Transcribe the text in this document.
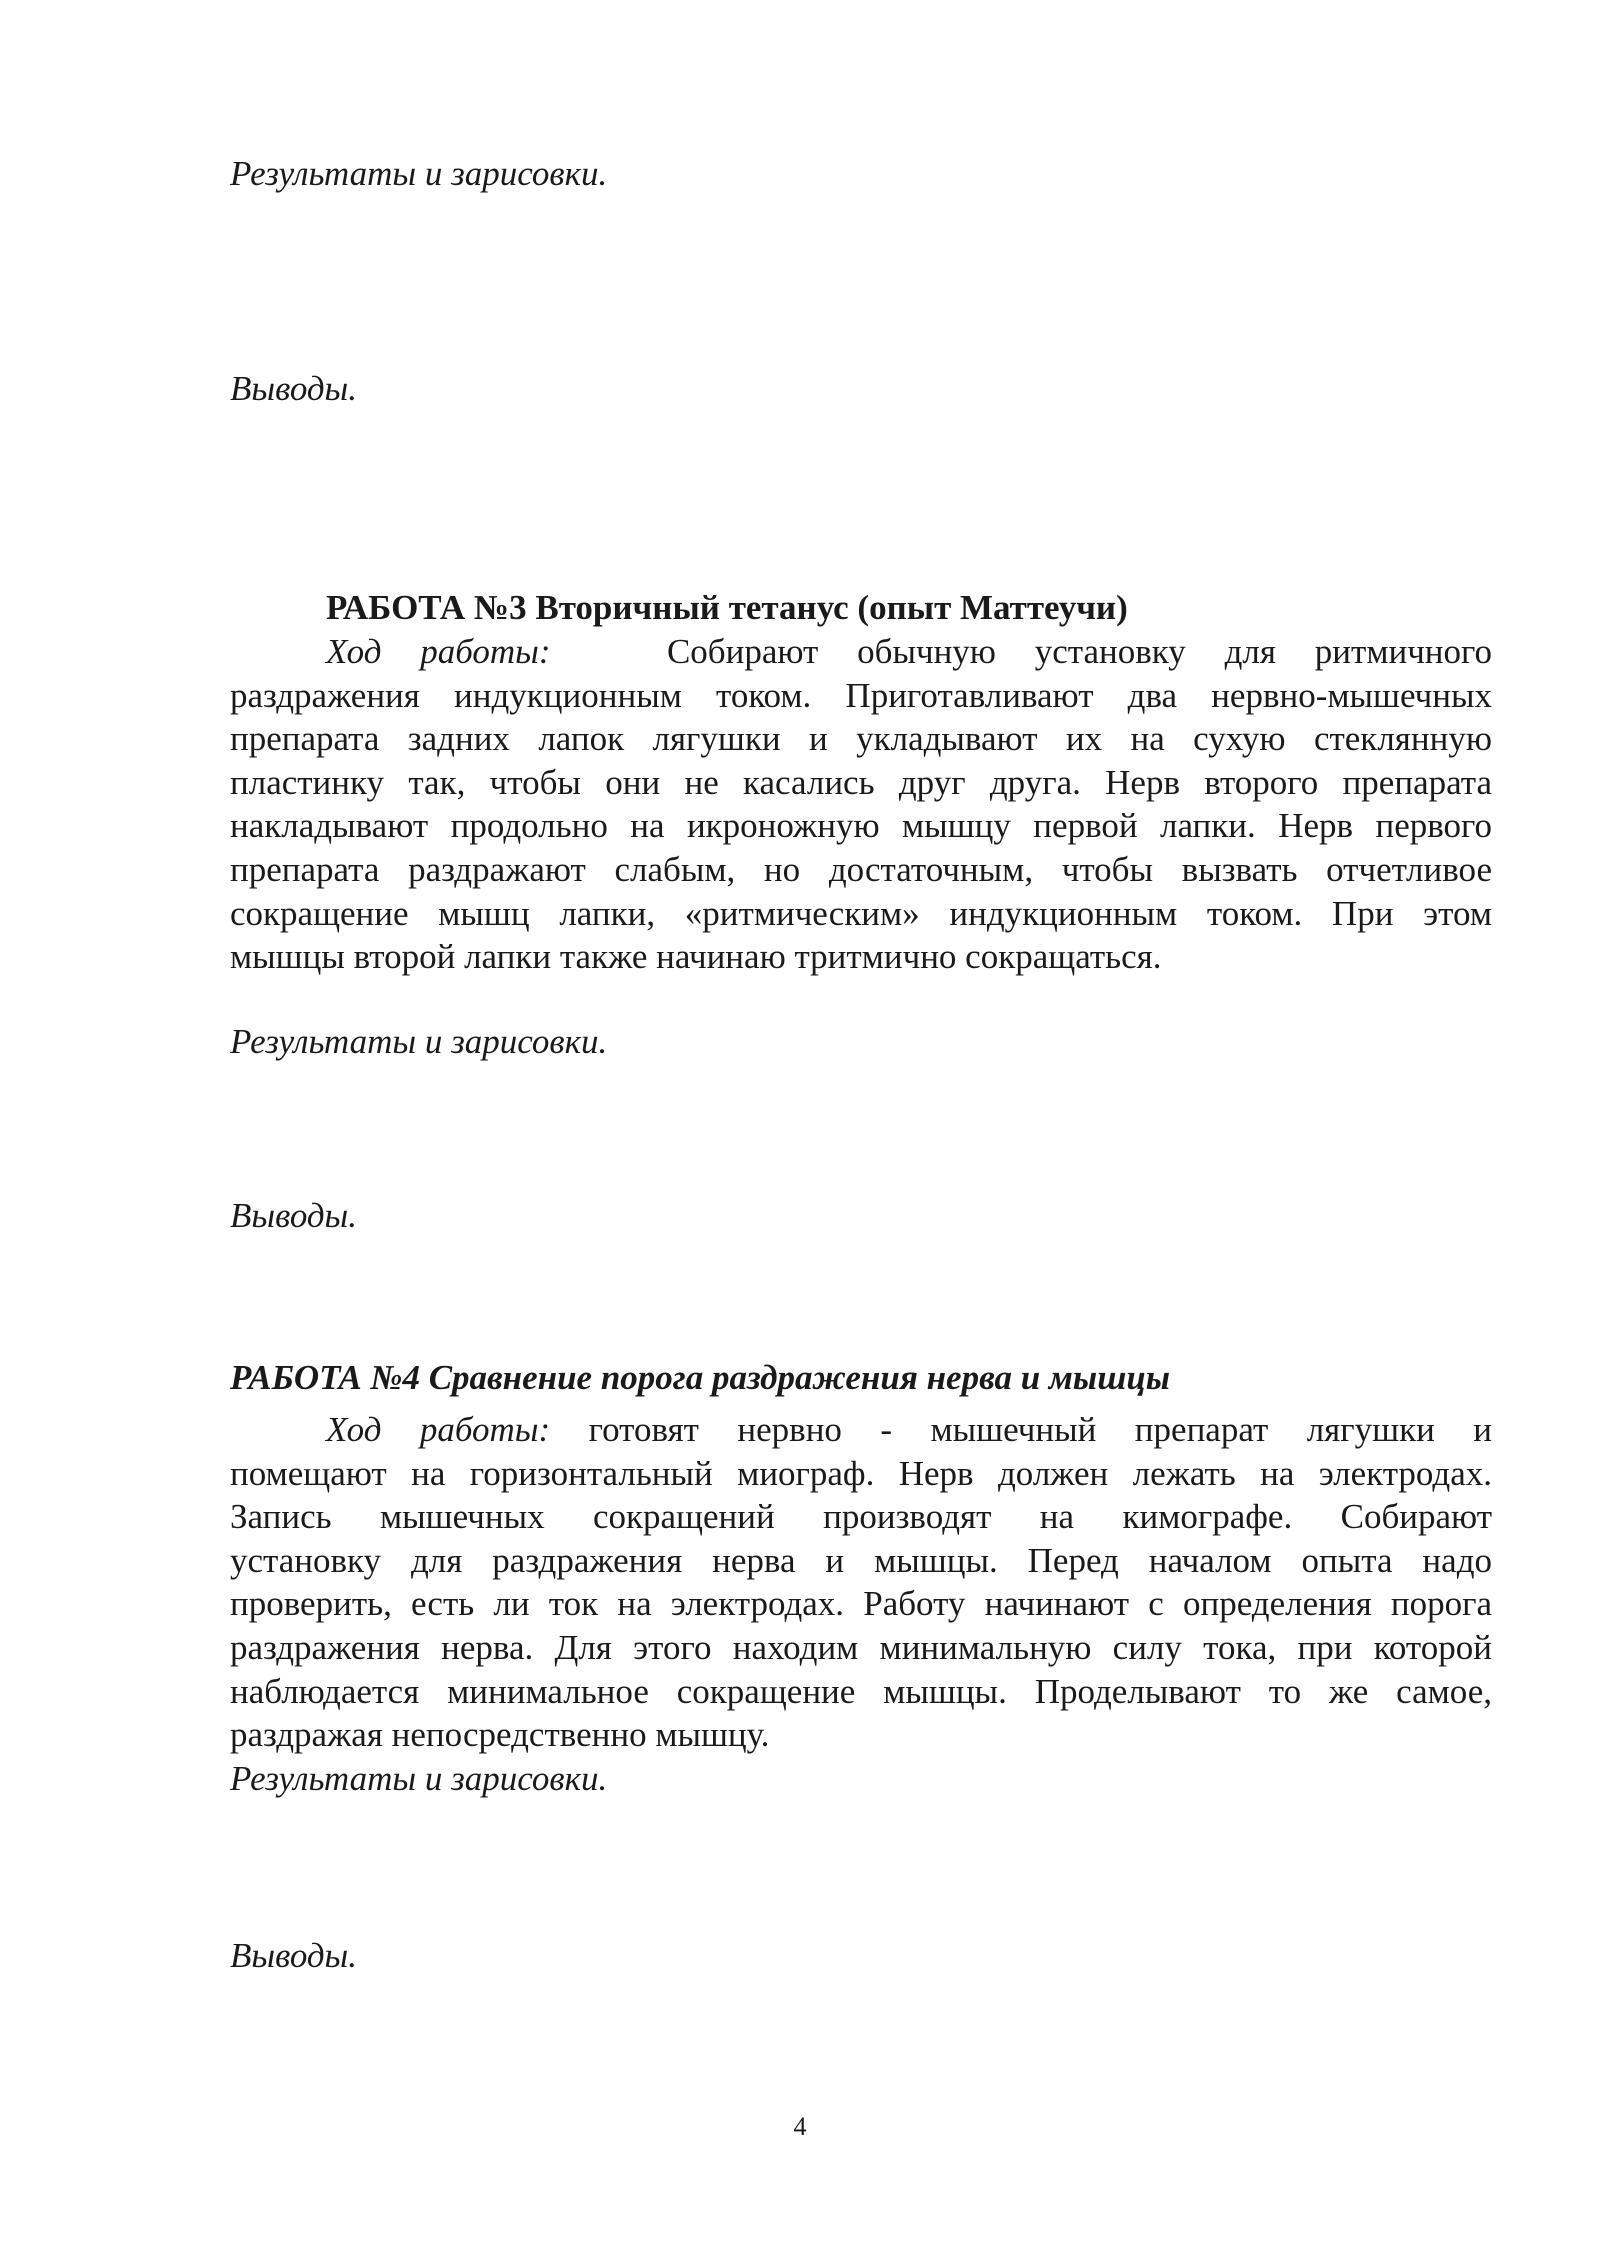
Результаты и зарисовки.
Выводы.
РАБОТА №3 Вторичный тетанус (опыт Маттеучи)
Ход работы:	Собирают обычную установку для ритмичного
раздражения индукционным током. Приготавливают два нервно-мышечных
препарата задних лапок лягушки и укладывают их на сухую стеклянную
пластинку так, чтобы они не касались друг друга. Нерв второго препарата
накладывают продольно на икроножную мышцу первой лапки. Нерв первого
препарата раздражают слабым, но достаточным, чтобы вызвать отчетливое
сокращение мышц лапки, «ритмическим» индукционным током. При этом
мышцы второй лапки также начинаю тритмично сокращаться.
Результаты и зарисовки.
Выводы.
РАБОТА №4 Сравнение порога раздражения нерва и мышцы
Ход работы: готовят нервно - мышечный препарат лягушки и
помещают на горизонтальный миограф. Нерв должен лежать на электродах.
Запись мышечных сокращений производят на кимографе. Собирают
установку для раздражения нерва и мышцы. Перед началом опыта надо
проверить, есть ли ток на электродах. Работу начинают с определения порога
раздражения нерва. Для этого находим минимальную силу тока, при которой
наблюдается минимальное сокращение мышцы. Проделывают то же самое,
раздражая непосредственно мышцу.
Результаты и зарисовки.
Выводы.
4
